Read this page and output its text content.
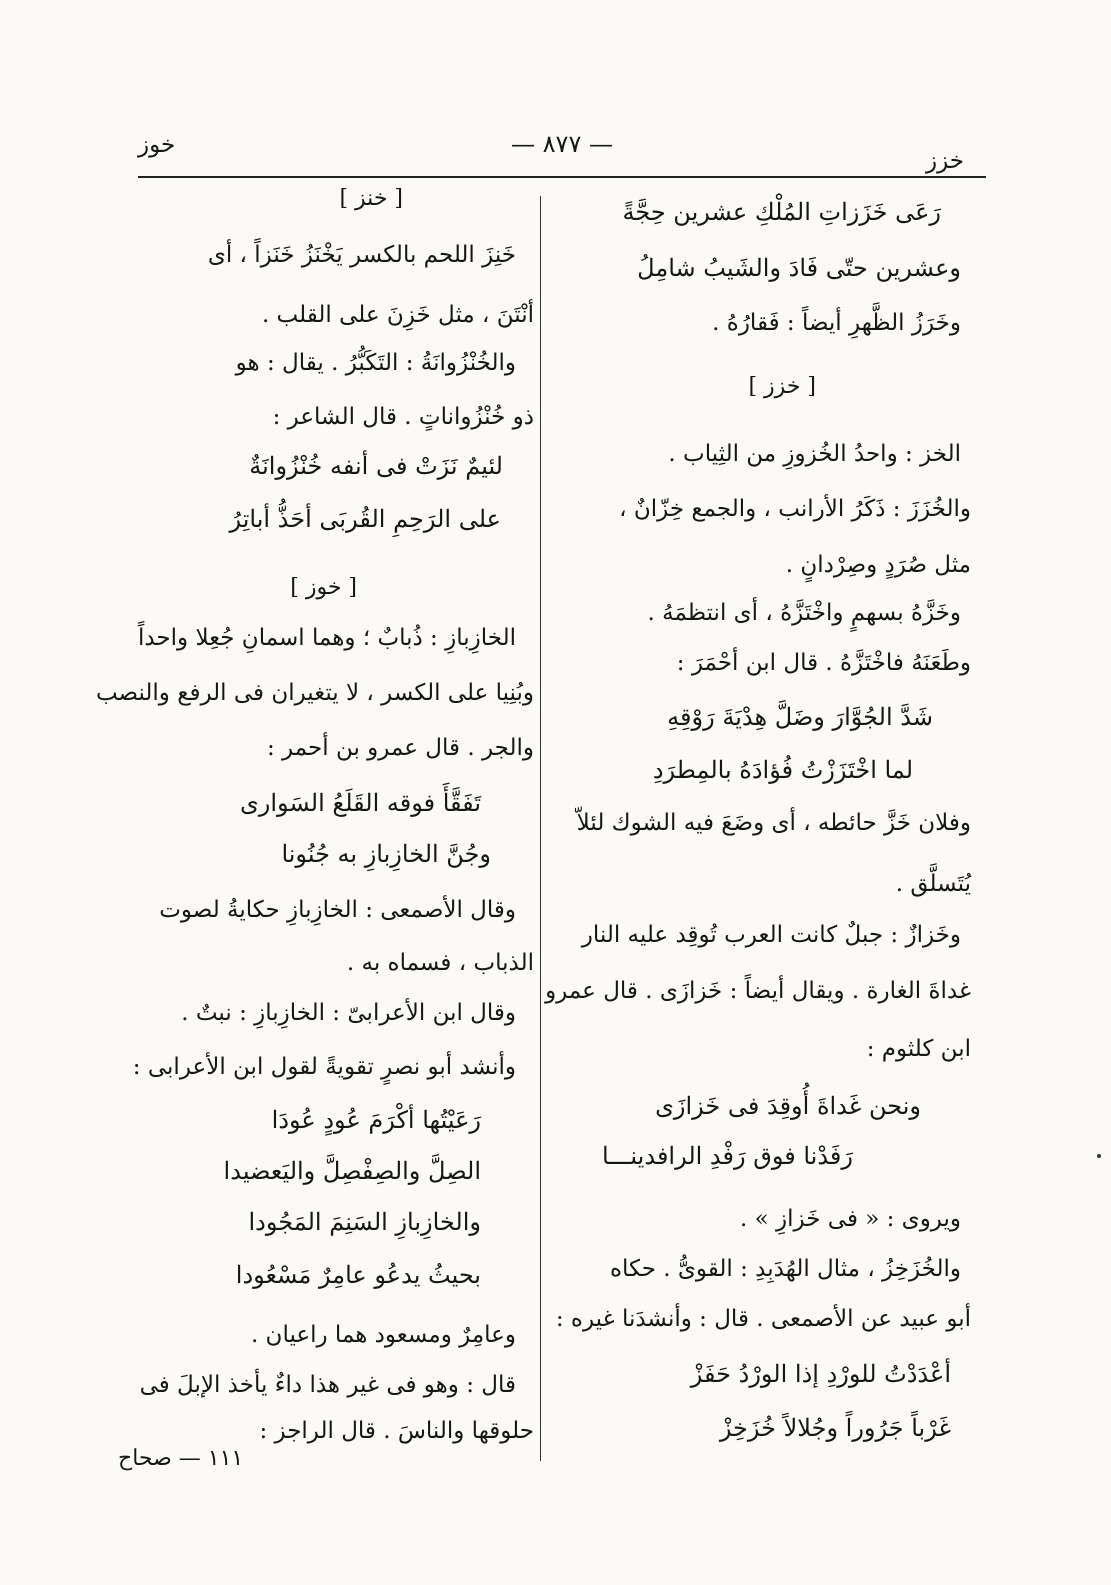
خزز
— ٨٧٧ —
خوز
رَعَى خَزَزاتِ المُلْكِ عشرين حِجَّةً
وعشرين حتّى فَادَ والشَيبُ شامِلُ
وخَرَزُ الظَّهرِ أيضاً : فَقارُهُ .
[ خزز ]
الخز : واحدُ الخُزوزِ من الثِياب .
والخُزَزَ : ذَكَرُ الأرانب ، والجمع خِزّانٌ ،
مثل صُرَدٍ وصِرْدانٍ .
وخَزَّهُ بسهمٍ واخْتَزَّهُ ، أى انتظمَهُ .
وطَعَنَهُ فاخْتَزَّهُ . قال ابن أحْمَرَ :
شَدَّ الجُوَّارَ وضَلَّ هِدْيَةَ رَوْقِهِ
لما اخْتَزَزْتُ فُؤادَهُ بالمِطرَدِ
وفلان خَزَّ حائطه ، أى وضَعَ فيه الشوك لئلاّ
يُتَسلَّق .
وخَزازٌ : جبلٌ كانت العرب تُوقِد عليه النار
غداةَ الغارة . ويقال أيضاً : خَزازَى . قال عمرو
ابن كلثوم :
ونحن غَداةَ أُوقِدَ فى خَزازَى
رَفَدْنا فوق رَفْدِ الرافدينـــا
ويروى : « فى خَزازِ » .
والخُزَخِزُ ، مثال الهُدَبِدِ : القوىُّ . حكاه
أبو عبيد عن الأصمعى . قال : وأنشدَنا غيره :
أعْدَدْتُ للورْدِ إذا الورْدُ حَفَزْ
غَرْباً جَرُوراً وجُلالاً خُزَخِزْ
[ خنز ]
خَنِزَ اللحم بالكسر يَخْنَزُ خَنَزاً ، أى
أنْتَنَ ، مثل خَزِنَ على القلب .
والخُنْزُوانَةُ : التَكَبُّرُ . يقال : هو
ذو خُنْزُواناتٍ . قال الشاعر :
لئيمٌ نَزَتْ فى أنفه خُنْزُوانَةٌ
على الرَحِمِ القُربَى أحَذُّ أباتِرُ
[ خوز ]
الخازِبازِ : ذُبابٌ ؛ وهما اسمانِ جُعِلا واحداً
وبُنِيا على الكسر ، لا يتغيران فى الرفع والنصب
والجر . قال عمرو بن أحمر :
تَفَقَّأَ فوقه القَلَعُ السَوارى
وجُنَّ الخازِبازِ به جُنُونا
وقال الأصمعى : الخازِبازِ حكايةُ لصوت
الذباب ، فسماه به .
وقال ابن الأعرابىّ : الخازِبازِ : نبتٌ .
وأنشد أبو نصرٍ تقويةً لقول ابن الأعرابى :
رَعَيْتُها أكْرَمَ عُودٍ عُودَا
الصِلَّ والصِفْصِلَّ واليَعضيدا
والخازِبازِ السَنِمَ المَجُودا
بحيثُ يدعُو عامِرٌ مَسْعُودا
وعامِرٌ ومسعود هما راعيان .
قال : وهو فى غير هذا داءٌ يأخذ الإبلَ فى
حلوقها والناسَ . قال الراجز :
١١١ — صحاح
